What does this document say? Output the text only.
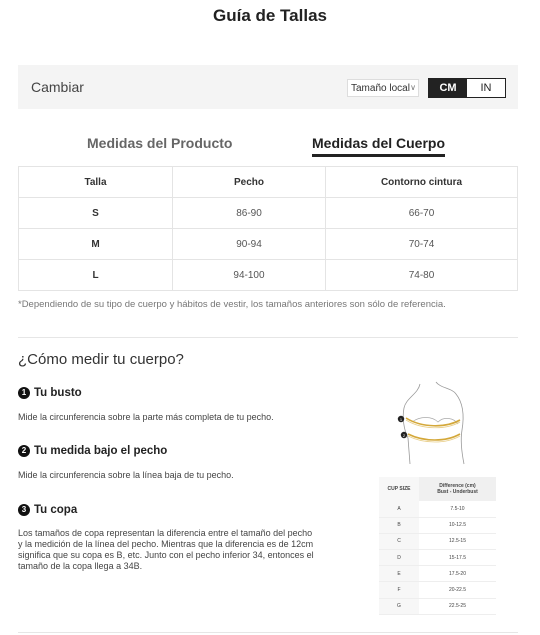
Guía de Tallas
Cambiar	Tamaño local ∨	CM	IN
Medidas del Producto	Medidas del Cuerpo
Talla	Pecho	Contorno cintura
S	86-90	66-70
M	90-94	70-74
L	94-100	74-80
*Dependiendo de su tipo de cuerpo y hábitos de vestir, los tamaños anteriores son sólo de referencia.
¿Cómo medir tu cuerpo?
1 Tu busto
Mide la circunferencia sobre la parte más completa de tu pecho.
2 Tu medida bajo el pecho
Mide la circunferencia sobre la línea baja de tu pecho.
3 Tu copa
Los tamaños de copa representan la diferencia entre el tamaño del pecho
y la medición de la línea del pecho. Mientras que la diferencia es de 12cm
significa que su copa es B, etc. Junto con el pecho inferior 34, entonces el
tamaño de la copa llega a 34B.
1
2
CUP SIZE	Difference (cm)
Bust - Underbust

A	7.5-10
B	10-12.5
C	12.5-15
D	15-17.5
E	17.5-20
F	20-22.5
G	22.5-25
